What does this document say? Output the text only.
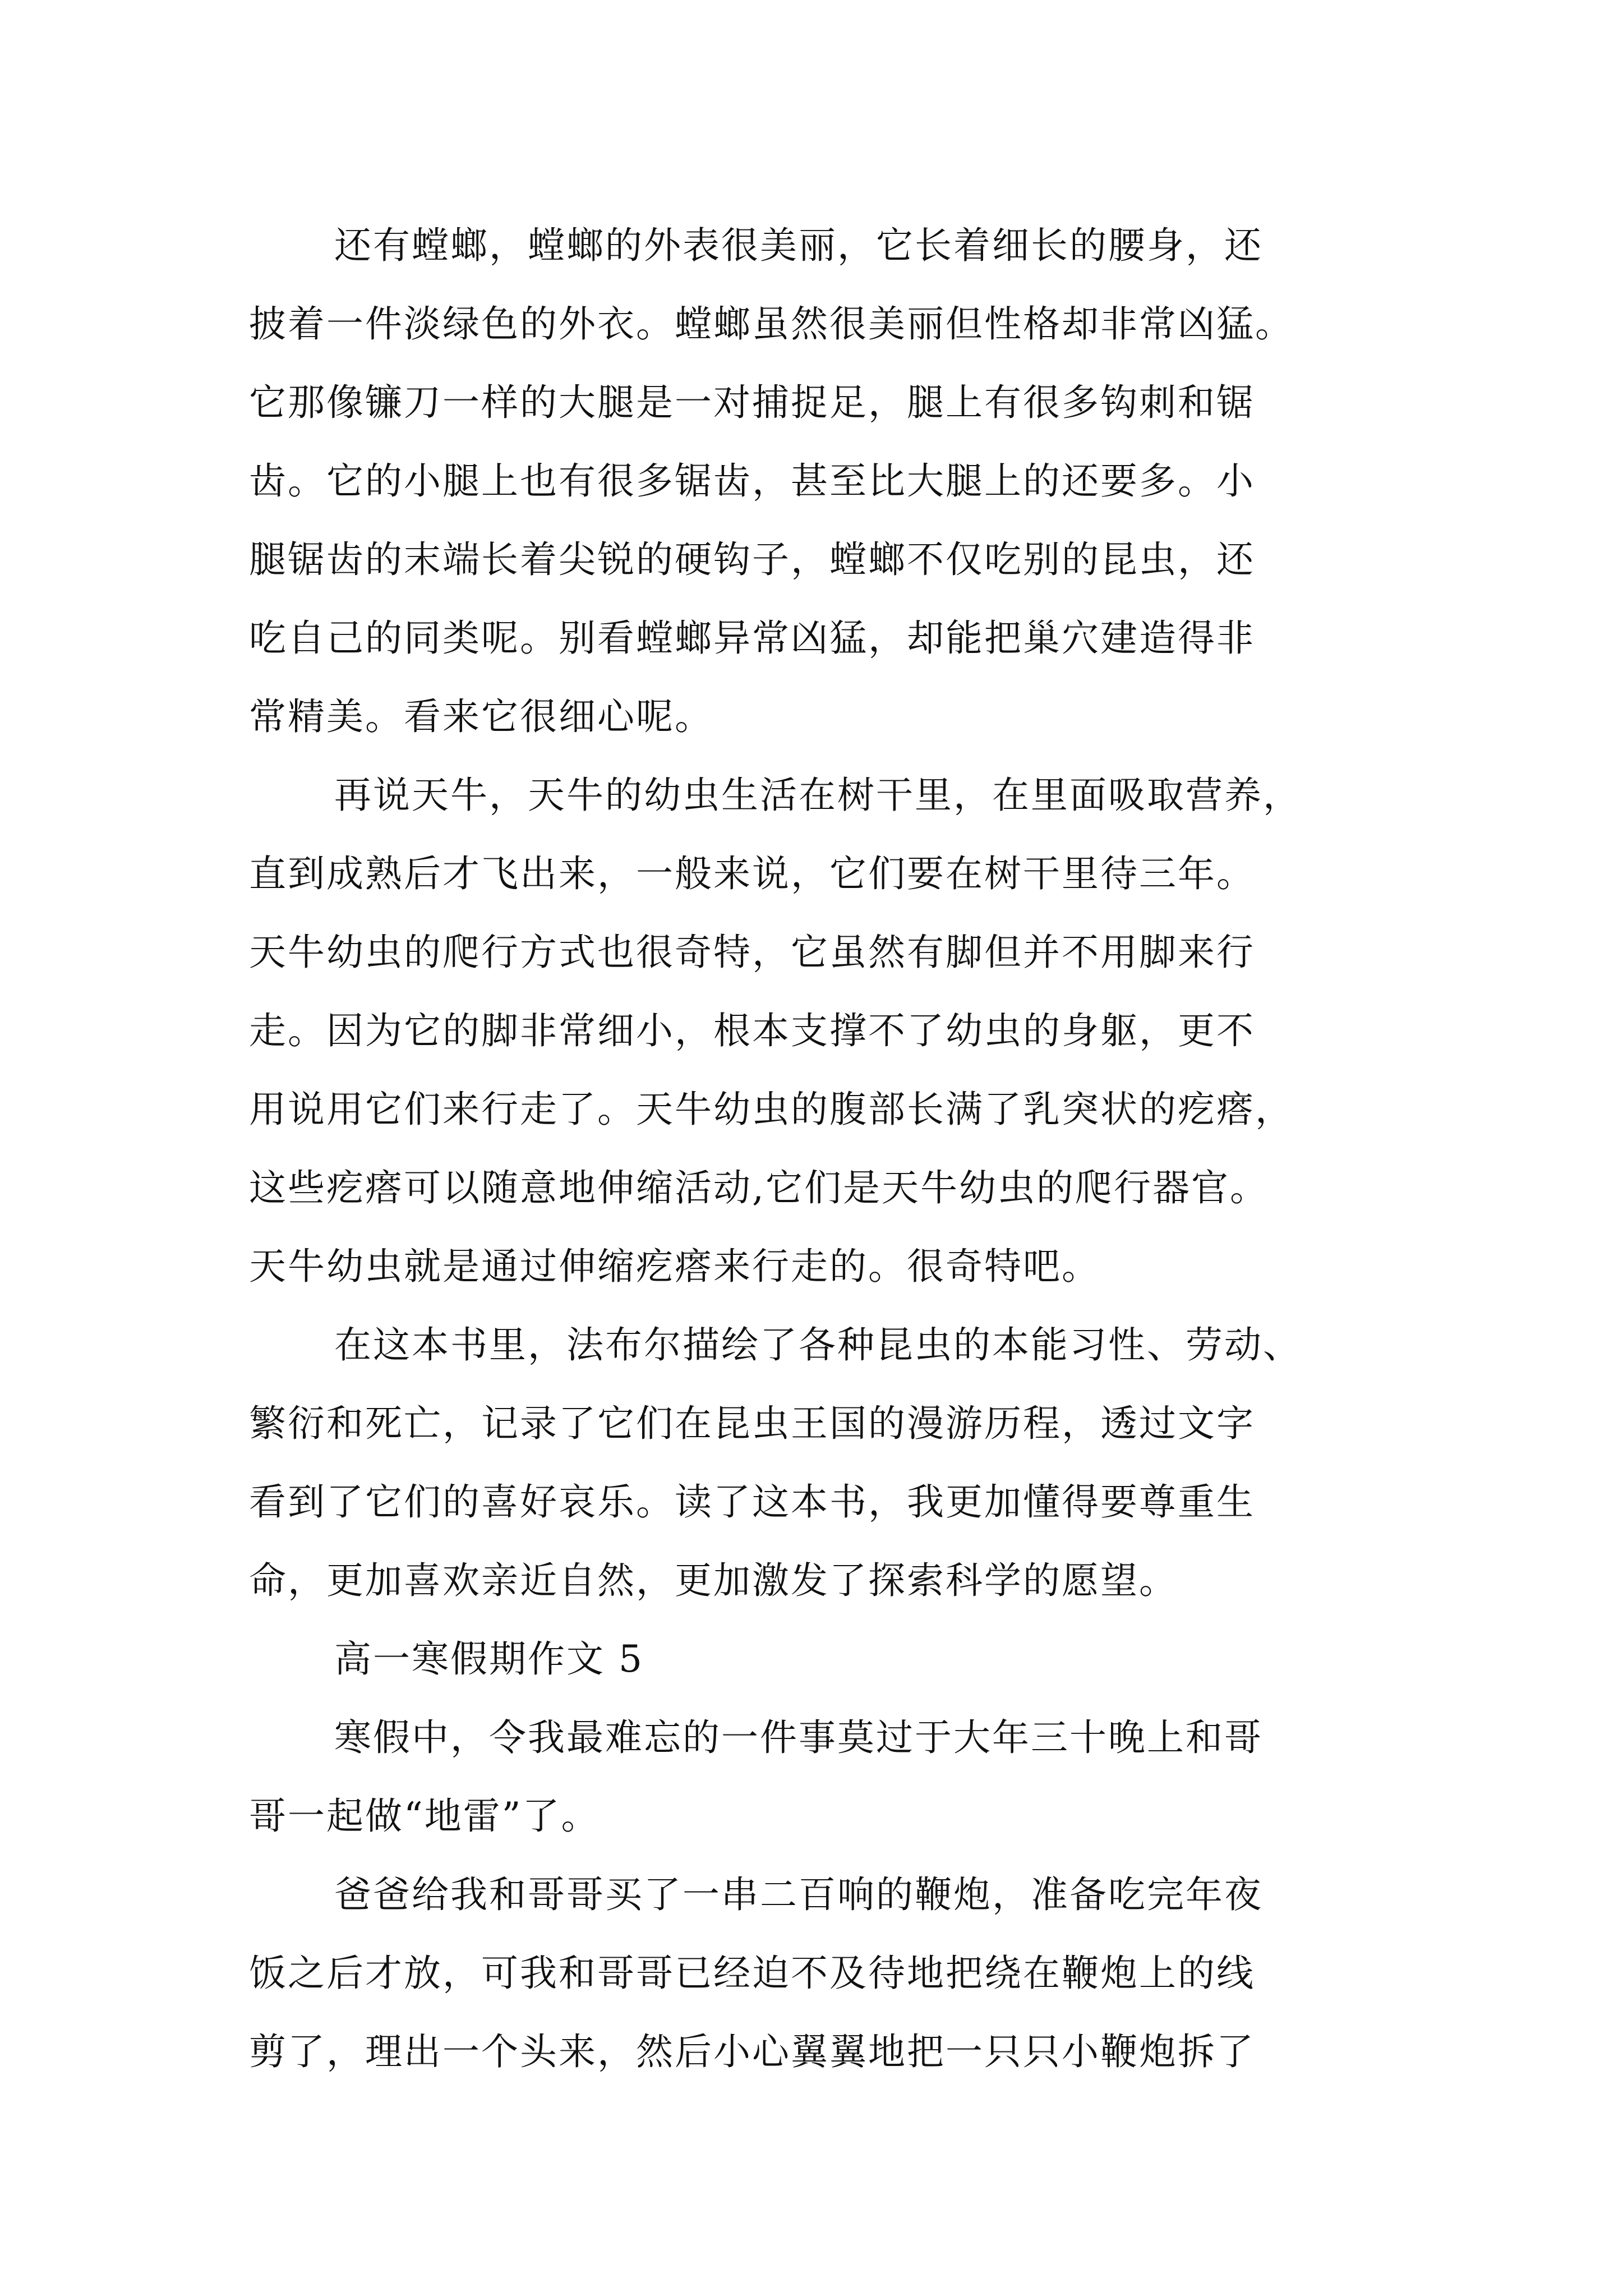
还有螳螂，螳螂的外表很美丽，它长着细长的腰身，还
披着一件淡绿色的外衣。螳螂虽然很美丽但性格却非常凶猛。
它那像镰刀一样的大腿是一对捕捉足，腿上有很多钩刺和锯
齿。它的小腿上也有很多锯齿，甚至比大腿上的还要多。小
腿锯齿的末端长着尖锐的硬钩子，螳螂不仅吃别的昆虫，还
吃自己的同类呢。别看螳螂异常凶猛，却能把巢穴建造得非
常精美。看来它很细心呢。
再说天牛，天牛的幼虫生活在树干里，在里面吸取营养，
直到成熟后才飞出来，一般来说，它们要在树干里待三年。
天牛幼虫的爬行方式也很奇特，它虽然有脚但并不用脚来行
走。因为它的脚非常细小，根本支撑不了幼虫的身躯，更不
用说用它们来行走了。天牛幼虫的腹部长满了乳突状的疙瘩，
这些疙瘩可以随意地伸缩活动,它们是天牛幼虫的爬行器官。
天牛幼虫就是通过伸缩疙瘩来行走的。很奇特吧。
在这本书里，法布尔描绘了各种昆虫的本能习性、劳动、
繁衍和死亡，记录了它们在昆虫王国的漫游历程，透过文字
看到了它们的喜好哀乐。读了这本书，我更加懂得要尊重生
命，更加喜欢亲近自然，更加激发了探索科学的愿望。
高一寒假期作文 5
寒假中，令我最难忘的一件事莫过于大年三十晚上和哥
哥一起做“地雷”了。
爸爸给我和哥哥买了一串二百响的鞭炮，准备吃完年夜
饭之后才放，可我和哥哥已经迫不及待地把绕在鞭炮上的线
剪了，理出一个头来，然后小心翼翼地把一只只小鞭炮拆了
